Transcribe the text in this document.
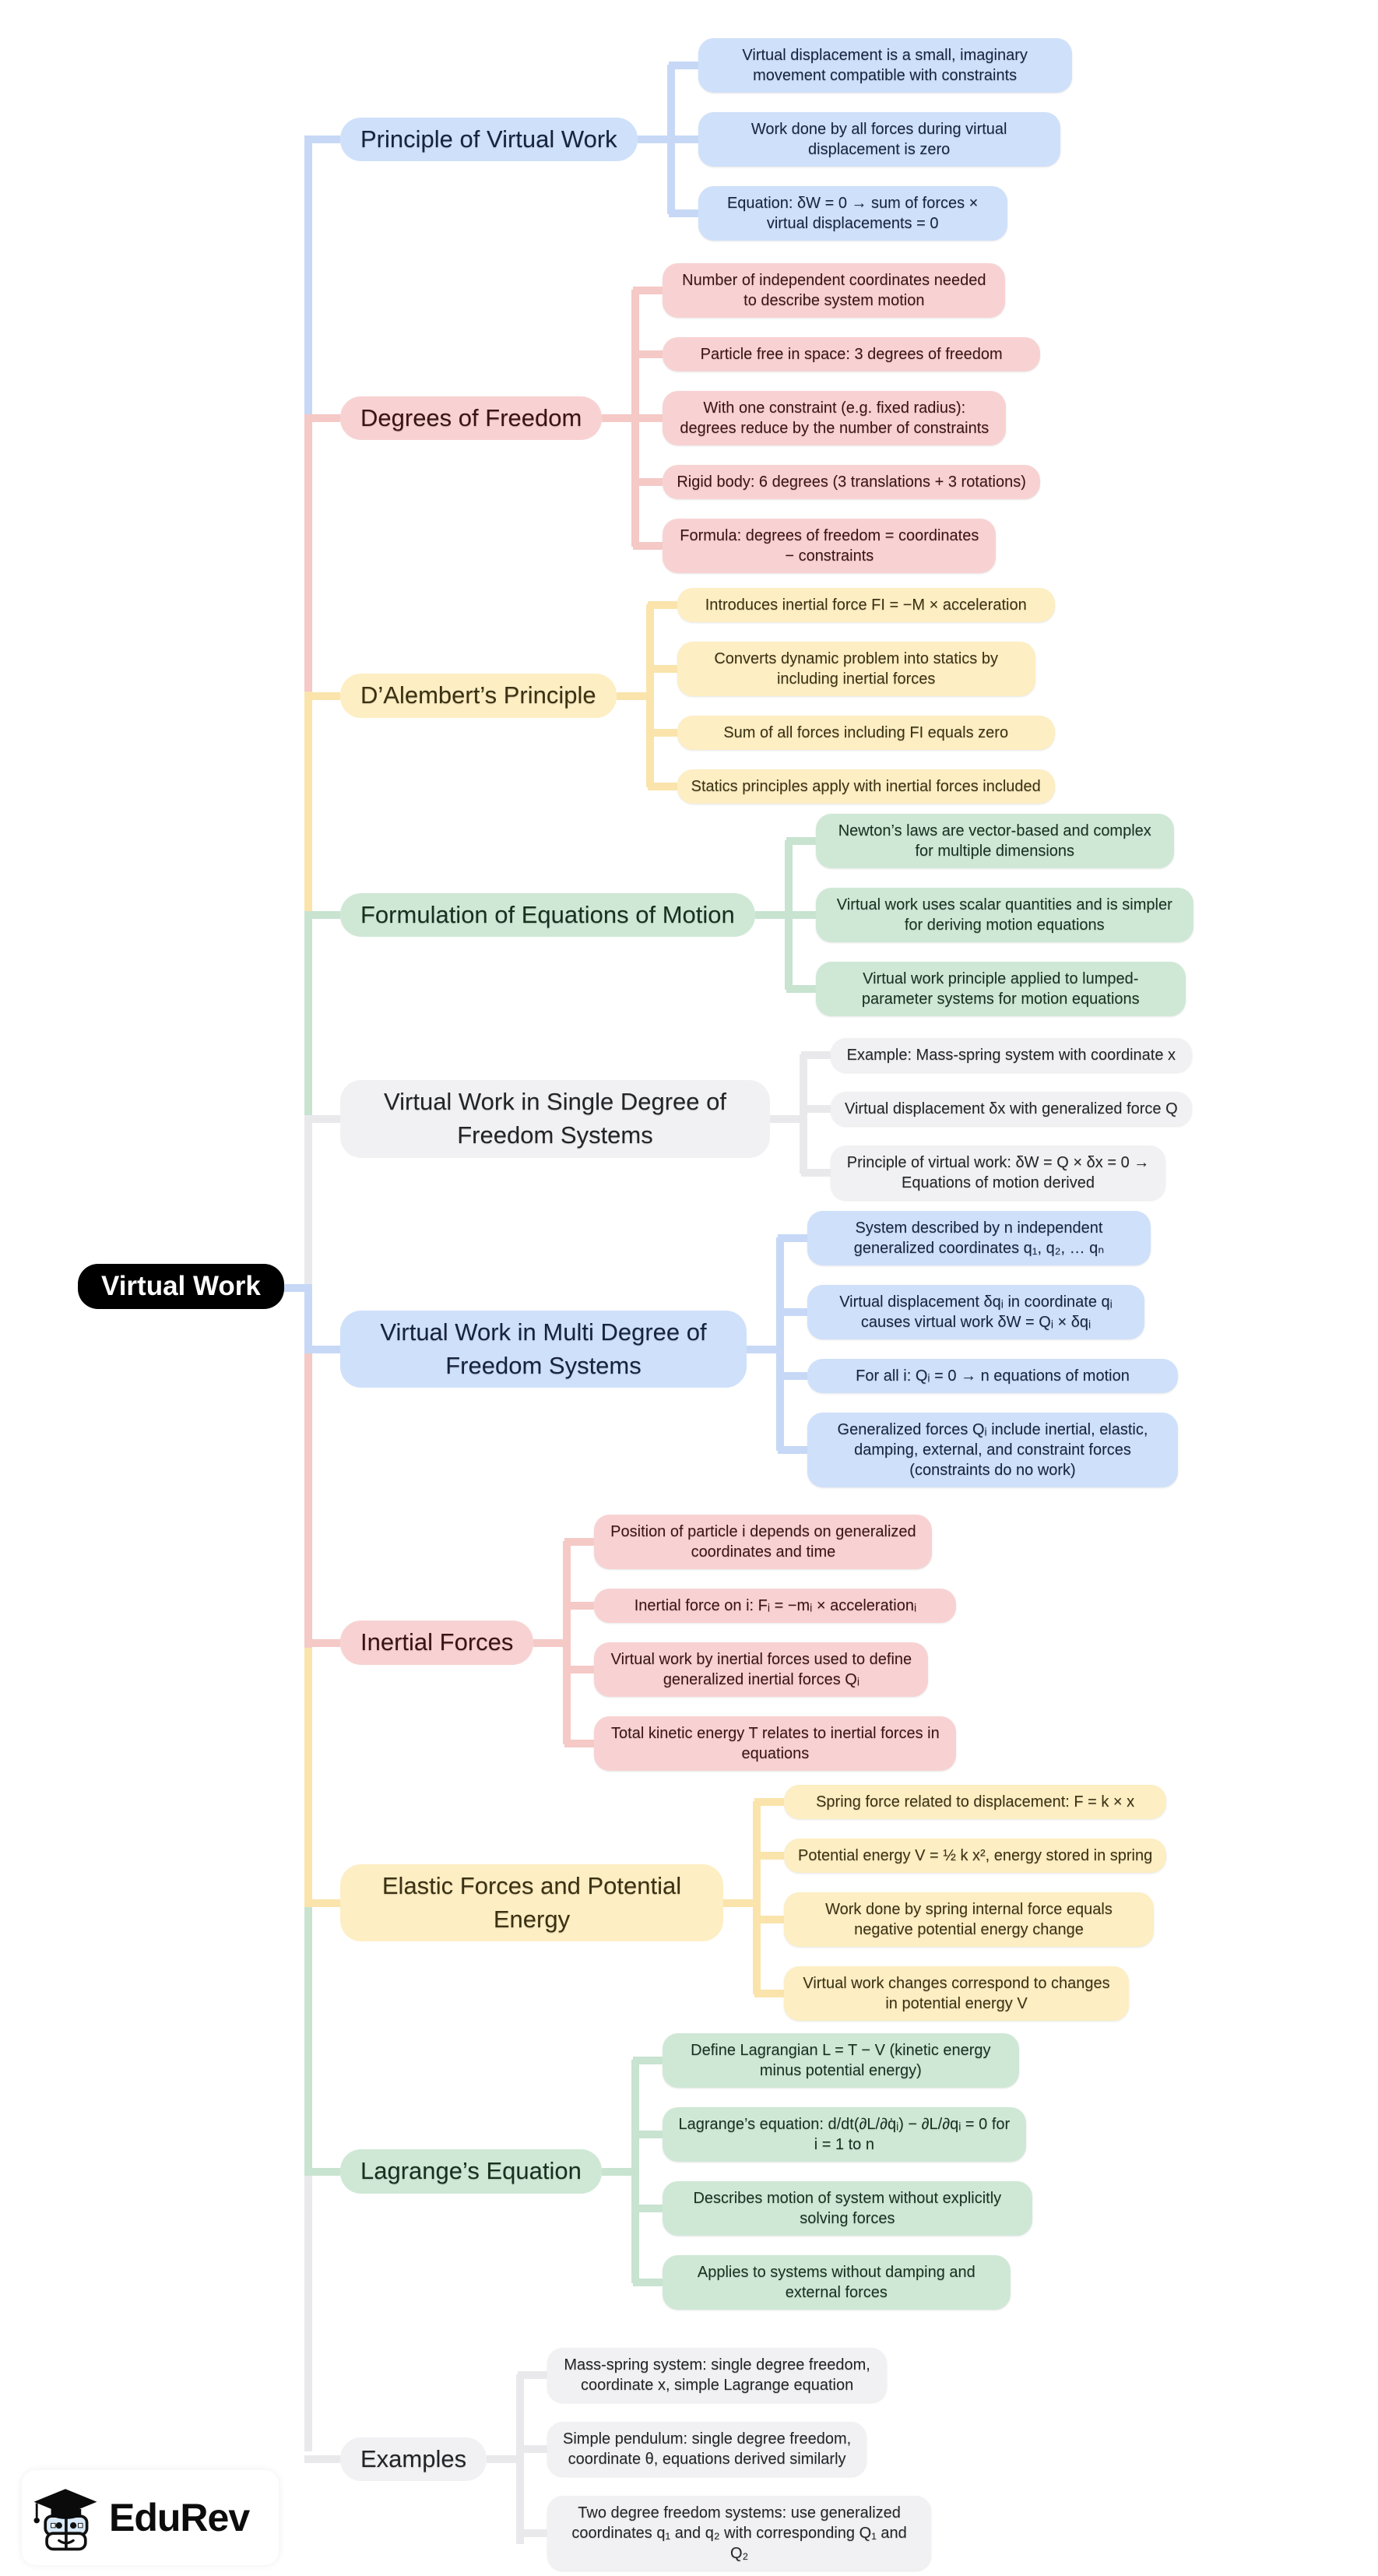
Virtual Work
Principle of Virtual Work
Virtual displacement is a small, imaginary movement compatible with constraints
Work done by all forces during virtual displacement is zero
Equation: δW = 0 → sum of forces × virtual displacements = 0
Degrees of Freedom
Number of independent coordinates needed to describe system motion
Particle free in space: 3 degrees of freedom
With one constraint (e.g. fixed radius): degrees reduce by the number of constraints
Rigid body: 6 degrees (3 translations + 3 rotations)
Formula: degrees of freedom = coordinates − constraints
D’Alembert’s Principle
Introduces inertial force FI = −M × acceleration
Converts dynamic problem into statics by including inertial forces
Sum of all forces including FI equals zero
Statics principles apply with inertial forces included
Formulation of Equations of Motion
Newton’s laws are vector-based and complex for multiple dimensions
Virtual work uses scalar quantities and is simpler for deriving motion equations
Virtual work principle applied to lumped-parameter systems for motion equations
Virtual Work in Single Degree of Freedom Systems
Example: Mass-spring system with coordinate x
Virtual displacement δx with generalized force Q
Principle of virtual work: δW = Q × δx = 0 → Equations of motion derived
Virtual Work in Multi Degree of Freedom Systems
System described by n independent generalized coordinates q₁, q₂, … qₙ
Virtual displacement δqᵢ in coordinate qᵢ causes virtual work δW = Qᵢ × δqᵢ
For all i: Qᵢ = 0 → n equations of motion
Generalized forces Qᵢ include inertial, elastic, damping, external, and constraint forces (constraints do no work)
Inertial Forces
Position of particle i depends on generalized coordinates and time
Inertial force on i: Fᵢ = −mᵢ × accelerationᵢ
Virtual work by inertial forces used to define generalized inertial forces Qᵢ
Total kinetic energy T relates to inertial forces in equations
Elastic Forces and Potential Energy
Spring force related to displacement: F = k × x
Potential energy V = ½ k x², energy stored in spring
Work done by spring internal force equals negative potential energy change
Virtual work changes correspond to changes in potential energy V
Lagrange’s Equation
Define Lagrangian L = T − V (kinetic energy minus potential energy)
Lagrange’s equation: d/dt(∂L/∂q̇ᵢ) − ∂L/∂qᵢ = 0 for i = 1 to n
Describes motion of system without explicitly solving forces
Applies to systems without damping and external forces
Examples
Mass-spring system: single degree freedom, coordinate x, simple Lagrange equation
Simple pendulum: single degree freedom, coordinate θ, equations derived similarly
Two degree freedom systems: use generalized coordinates q₁ and q₂ with corresponding Q₁ and Q₂
EduRev
